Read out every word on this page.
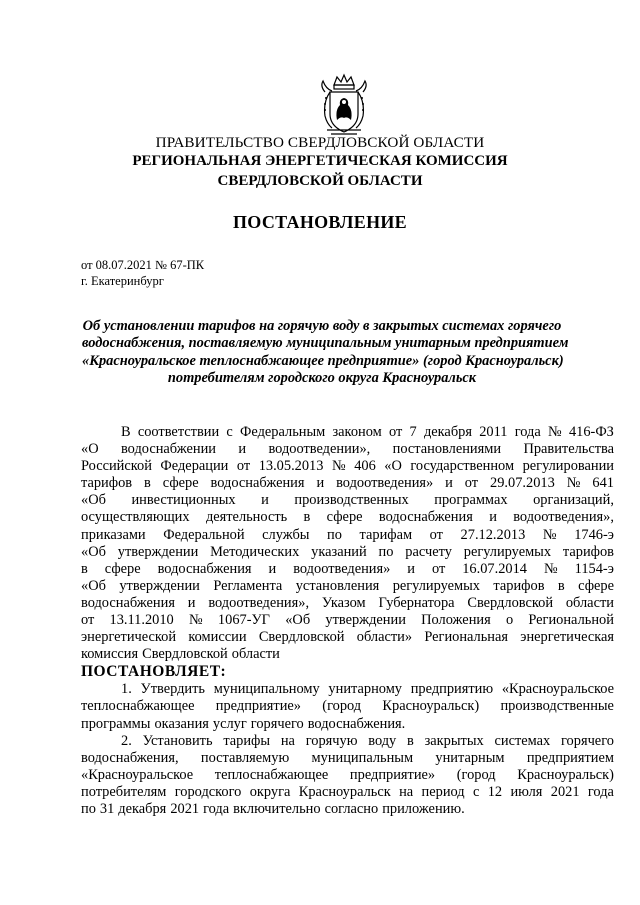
ПРАВИТЕЛЬСТВО СВЕРДЛОВСКОЙ ОБЛАСТИ
РЕГИОНАЛЬНАЯ ЭНЕРГЕТИЧЕСКАЯ КОМИССИЯ
СВЕРДЛОВСКОЙ ОБЛАСТИ
ПОСТАНОВЛЕНИЕ
от 08.07.2021 № 67-ПК
г. Екатеринбург
Об установлении тарифов на горячую воду в закрытых системах горячего
водоснабжения, поставляемую муниципальным унитарным предприятием
«Красноуральское теплоснабжающее предприятие» (город Красноуральск)
потребителям городского округа Красноуральск
В соответствии с Федеральным законом от 7 декабря 2011 года № 416-ФЗ
«О водоснабжении и водоотведении», постановлениями Правительства
Российской Федерации от 13.05.2013 № 406 «О государственном регулировании
тарифов в сфере водоснабжения и водоотведения» и от 29.07.2013 № 641
«Об инвестиционных и производственных программах организаций,
осуществляющих деятельность в сфере водоснабжения и водоотведения»,
приказами Федеральной службы по тарифам от 27.12.2013 № 1746-э
«Об утверждении Методических указаний по расчету регулируемых тарифов
в сфере водоснабжения и водоотведения» и от 16.07.2014 № 1154-э
«Об утверждении Регламента установления регулируемых тарифов в сфере
водоснабжения и водоотведения», Указом Губернатора Свердловской области
от 13.11.2010 № 1067-УГ «Об утверждении Положения о Региональной
энергетической комиссии Свердловской области» Региональная энергетическая
комиссия Свердловской области
ПОСТАНОВЛЯЕТ:
1. Утвердить муниципальному унитарному предприятию «Красноуральское
теплоснабжающее предприятие» (город Красноуральск) производственные
программы оказания услуг горячего водоснабжения.
2. Установить тарифы на горячую воду в закрытых системах горячего
водоснабжения, поставляемую муниципальным унитарным предприятием
«Красноуральское теплоснабжающее предприятие» (город Красноуральск)
потребителям городского округа Красноуральск на период с 12 июля 2021 года
по 31 декабря 2021 года включительно согласно приложению.
